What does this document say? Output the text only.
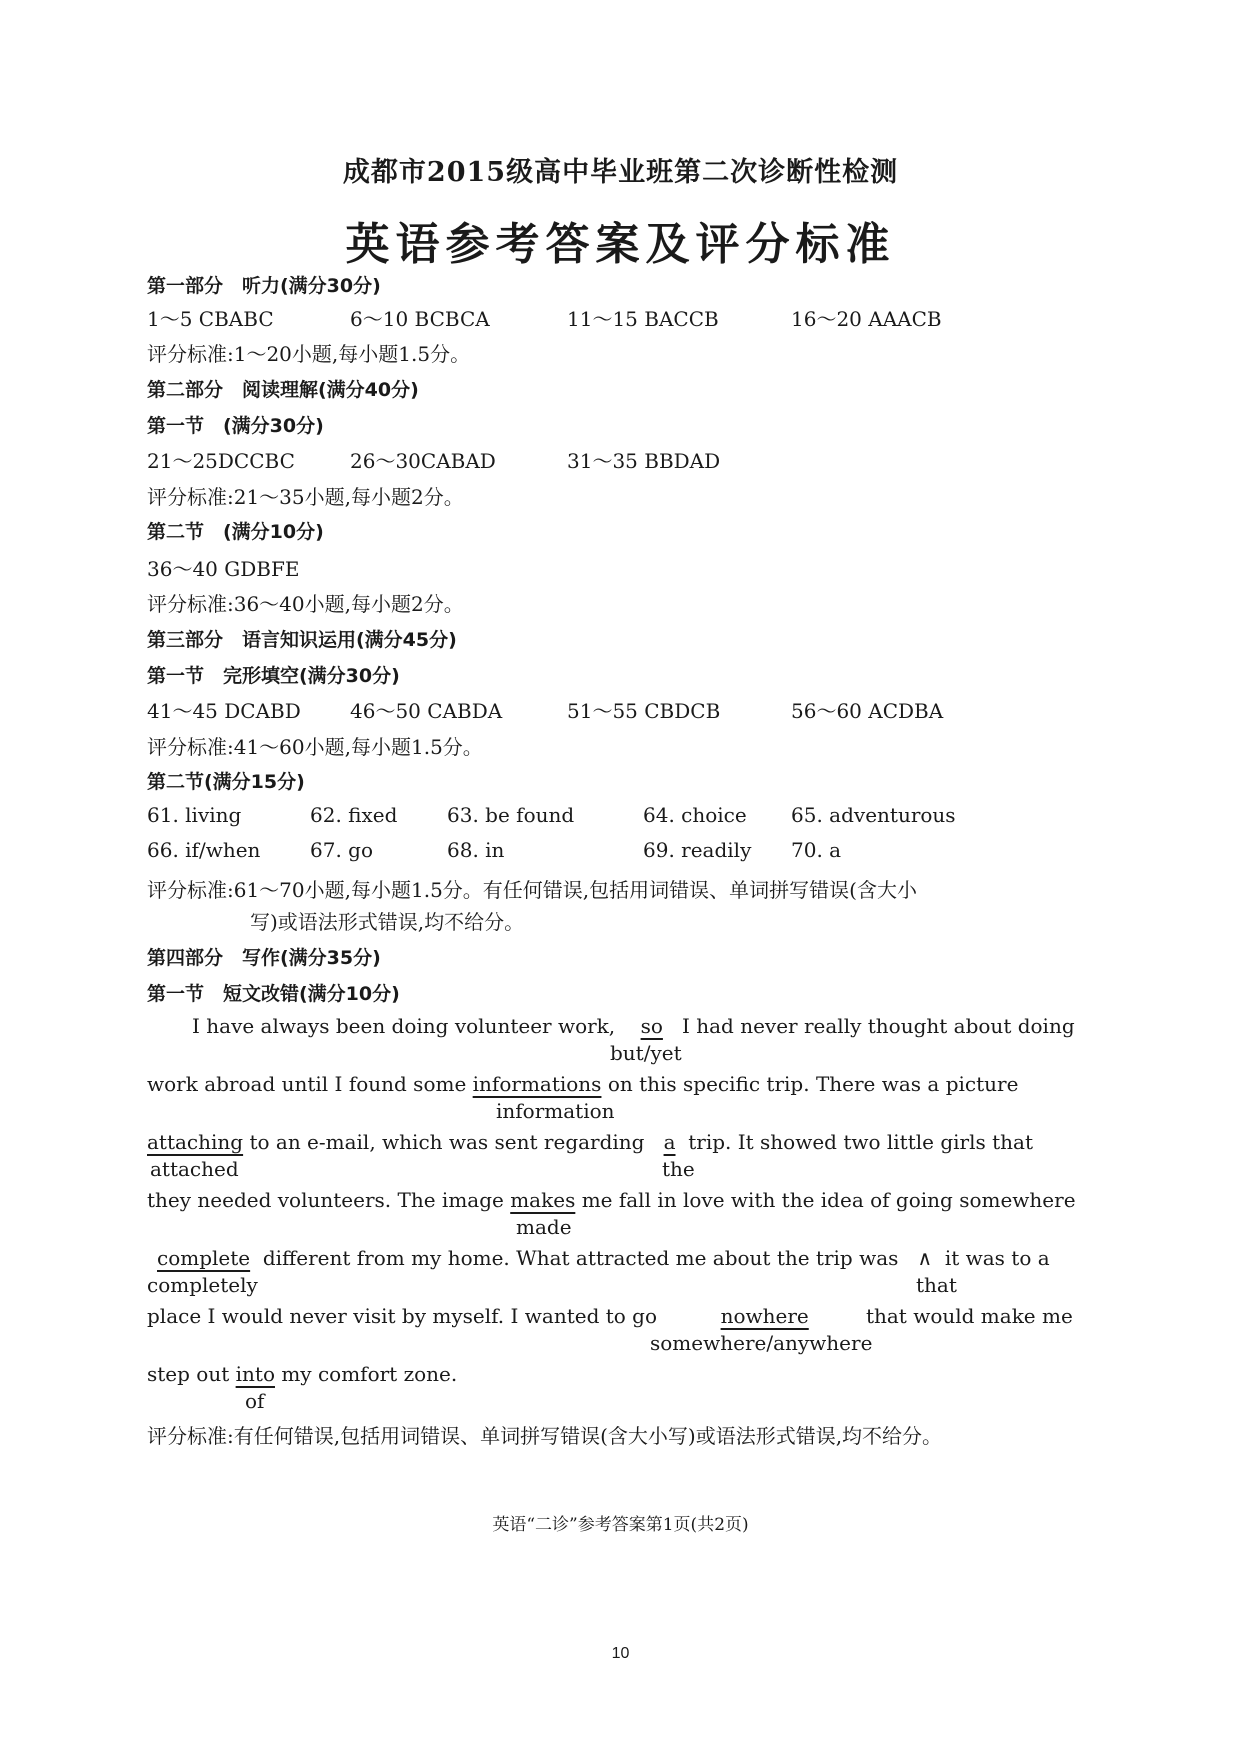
成都市2015级高中毕业班第二次诊断性检测
英语参考答案及评分标准
第一部分　听力(满分30分)
1～5 CBABC	6～10 BCBCA	11～15 BACCB	16～20 AAACB
评分标准:1～20小题,每小题1.5分。
第二部分　阅读理解(满分40分)
第一节　(满分30分)
21～25DCCBC	26～30CABAD	31～35 BBDAD
评分标准:21～35小题,每小题2分。
第二节　(满分10分)
36～40 GDBFE
评分标准:36～40小题,每小题2分。
第三部分　语言知识运用(满分45分)
第一节　完形填空(满分30分)
41～45 DCABD 46～50 CABDA	51～55 CBDCB	56～60 ACDBA
评分标准:41～60小题,每小题1.5分。
第二节(满分15分)
61. living	62. fixed 63. be found	64. choice 65. adventurous
66. if/when 67. go	68. in	69. readily 70. a
评分标准:61～70小题,每小题1.5分。有任何错误,包括用词错误、单词拼写错误(含大小
写)或语法形式错误,均不给分。
第四部分　写作(满分35分)
第一节　短文改错(满分10分)
I have always been doing volunteer work, so I had never really thought about doing
but/yet
work abroad until I found some informations on this specific trip. There was a picture
information
attaching to an e-mail, which was sent regarding a trip. It showed two little girls that
attached	the
they needed volunteers. The image makes me fall in love with the idea of going somewhere
made
complete different from my home. What attracted me about the trip was ∧ it was to a
completely	that
place I would never visit by myself. I wanted to go	nowhere	that would make me
somewhere/anywhere
step out into my comfort zone.
of
评分标准:有任何错误,包括用词错误、单词拼写错误(含大小写)或语法形式错误,均不给分。
英语“二诊”参考答案第1页(共2页)
10
